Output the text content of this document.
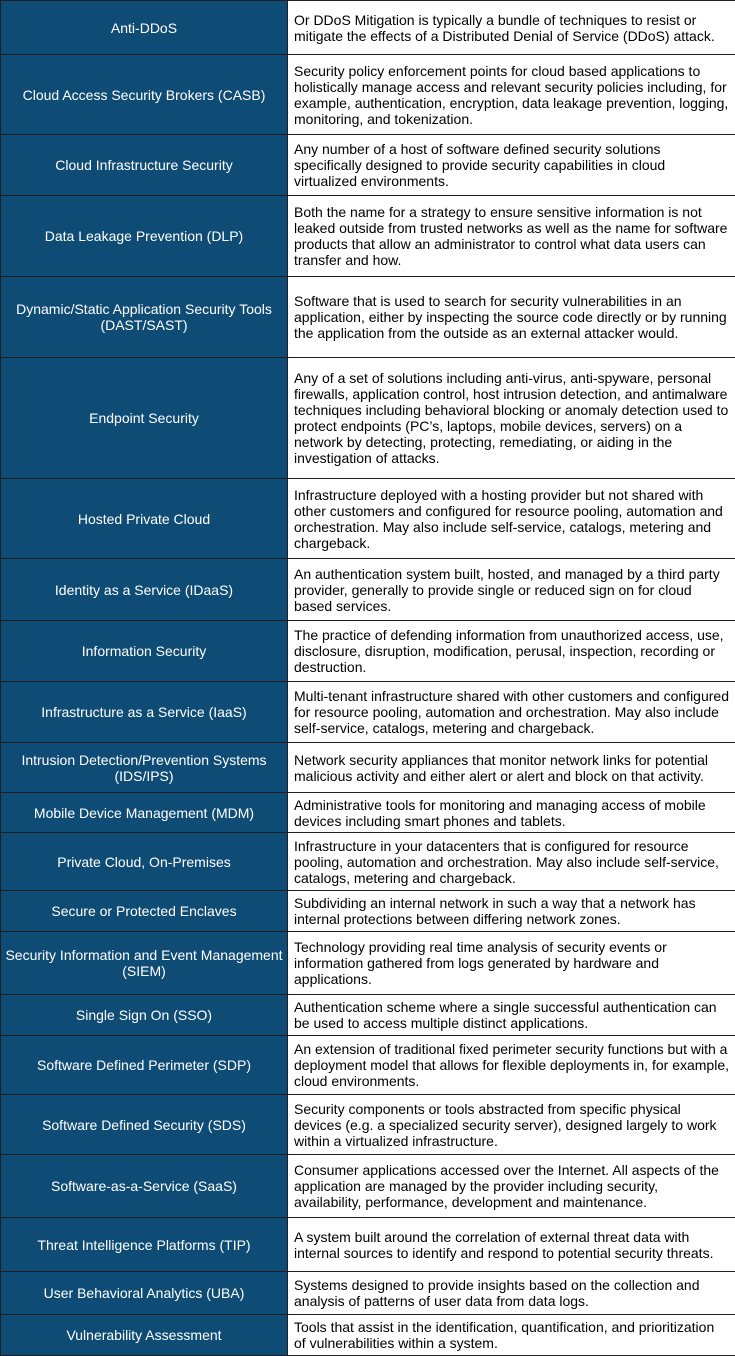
Anti-DDoS	Or DDoS Mitigation is typically a bundle of techniques to resist or mitigate the effects of a Distributed Denial of Service (DDoS) attack.
Cloud Access Security Brokers (CASB)	Security policy enforcement points for cloud based applications to holistically manage access and relevant security policies including, for example, authentication, encryption, data leakage prevention, logging, monitoring, and tokenization.
Cloud Infrastructure Security	Any number of a host of software defined security solutions specifically designed to provide security capabilities in cloud virtualized environments.
Data Leakage Prevention (DLP)	Both the name for a strategy to ensure sensitive information is not leaked outside from trusted networks as well as the name for software products that allow an administrator to control what data users can transfer and how.
Dynamic/Static Application Security Tools (DAST/SAST)	Software that is used to search for security vulnerabilities in an application, either by inspecting the source code directly or by running the application from the outside as an external attacker would.
Endpoint Security	Any of a set of solutions including anti-virus, anti-spyware, personal firewalls, application control, host intrusion detection, and antimalware techniques including behavioral blocking or anomaly detection used to protect endpoints (PC’s, laptops, mobile devices, servers) on a network by detecting, protecting, remediating, or aiding in the investigation of attacks.
Hosted Private Cloud	Infrastructure deployed with a hosting provider but not shared with other customers and configured for resource pooling, automation and orchestration. May also include self-service, catalogs, metering and chargeback.
Identity as a Service (IDaaS)	An authentication system built, hosted, and managed by a third party provider, generally to provide single or reduced sign on for cloud based services.
Information Security	The practice of defending information from unauthorized access, use, disclosure, disruption, modification, perusal, inspection, recording or destruction.
Infrastructure as a Service (IaaS)	Multi-tenant infrastructure shared with other customers and configured for resource pooling, automation and orchestration. May also include self-service, catalogs, metering and chargeback.
Intrusion Detection/Prevention Systems (IDS/IPS)	Network security appliances that monitor network links for potential malicious activity and either alert or alert and block on that activity.
Mobile Device Management (MDM)	Administrative tools for monitoring and managing access of mobile devices including smart phones and tablets.
Private Cloud, On-Premises	Infrastructure in your datacenters that is configured for resource pooling, automation and orchestration. May also include self-service, catalogs, metering and chargeback.
Secure or Protected Enclaves	Subdividing an internal network in such a way that a network has internal protections between differing network zones.
Security Information and Event Management (SIEM)	Technology providing real time analysis of security events or information gathered from logs generated by hardware and applications.
Single Sign On (SSO)	Authentication scheme where a single successful authentication can be used to access multiple distinct applications.
Software Defined Perimeter (SDP)	An extension of traditional fixed perimeter security functions but with a deployment model that allows for flexible deployments in, for example, cloud environments.
Software Defined Security (SDS)	Security components or tools abstracted from specific physical devices (e.g. a specialized security server), designed largely to work within a virtualized infrastructure.
Software-as-a-Service (SaaS)	Consumer applications accessed over the Internet. All aspects of the application are managed by the provider including security, availability, performance, development and maintenance.
Threat Intelligence Platforms (TIP)	A system built around the correlation of external threat data with internal sources to identify and respond to potential security threats.
User Behavioral Analytics (UBA)	Systems designed to provide insights based on the collection and analysis of patterns of user data from data logs.
Vulnerability Assessment	Tools that assist in the identification, quantification, and prioritization of vulnerabilities within a system.
